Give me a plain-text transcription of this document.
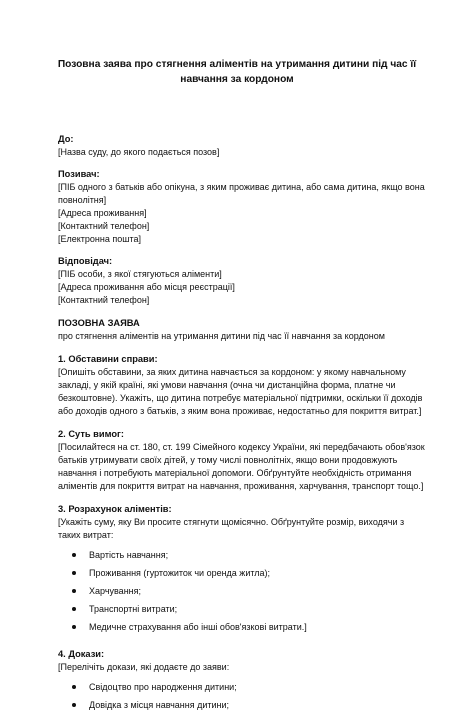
Позовна заява про стягнення аліментів на утримання дитини під час її
навчання за кордоном
До:
[Назва суду, до якого подається позов]
Позивач:
[ПІБ одного з батьків або опікуна, з яким проживає дитина, або сама дитина, якщо вона
повнолітня]
[Адреса проживання]
[Контактний телефон]
[Електронна пошта]
Відповідач:
[ПІБ особи, з якої стягуються аліменти]
[Адреса проживання або місця реєстрації]
[Контактний телефон]
ПОЗОВНА ЗАЯВА
про стягнення аліментів на утримання дитини під час її навчання за кордоном
1. Обставини справи:
[Опишіть обставини, за яких дитина навчається за кордоном: у якому навчальному
закладі, у якій країні, які умови навчання (очна чи дистанційна форма, платне чи
безкоштовне). Укажіть, що дитина потребує матеріальної підтримки, оскільки її доходів
або доходів одного з батьків, з яким вона проживає, недостатньо для покриття витрат.]
2. Суть вимог:
[Посилайтеся на ст. 180, ст. 199 Сімейного кодексу України, які передбачають обов'язок
батьків утримувати своїх дітей, у тому числі повнолітніх, якщо вони продовжують
навчання і потребують матеріальної допомоги. Обґрунтуйте необхідність отримання
аліментів для покриття витрат на навчання, проживання, харчування, транспорт тощо.]
3. Розрахунок аліментів:
[Укажіть суму, яку Ви просите стягнути щомісячно. Обґрунтуйте розмір, виходячи з
таких витрат:
Вартість навчання;
Проживання (гуртожиток чи оренда житла);
Харчування;
Транспортні витрати;
Медичне страхування або інші обов'язкові витрати.]
4. Докази:
[Перелічіть докази, які додаєте до заяви:
Свідоцтво про народження дитини;
Довідка з місця навчання дитини;
